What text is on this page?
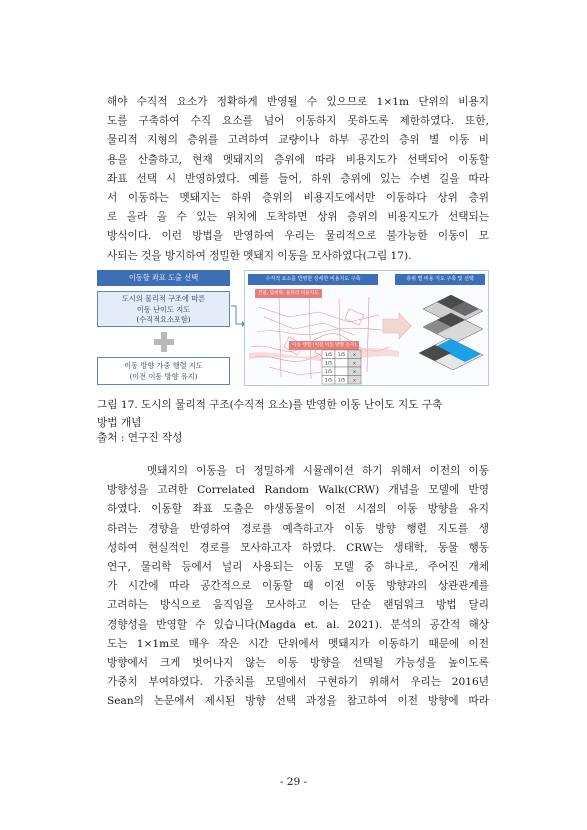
해야 수직적 요소가 정확하게 반영될 수 있으므로 1×1m 단위의 비용지
도를 구축하여 수직 요소를 넘어 이동하지 못하도록 제한하였다. 또한,
물리적 지형의 층위를 고려하여 교량이나 하부 공간의 층위 별 이동 비
용을 산출하고, 현재 멧돼지의 층위에 따라 비용지도가 선택되어 이동할
좌표 선택 시 반영하였다. 예를 들어, 하위 층위에 있는 수변 길을 따라
서 이동하는 멧돼지는 하위 층위의 비용지도에서만 이동하다 상위 층위
로 올라 올 수 있는 위치에 도착하면 상위 층위의 비용지도가 선택되는
방식이다. 이런 방법을 반영하여 우리는 물리적으로 불가능한 이동이 모
사되는 것을 방지하여 정밀한 멧돼지 이동을 모사하였다(그림 17).
이동할 좌표 도출 선택
도시의 물리적 구조에 따른
이동 난이도 지도
(수직적요소포함)
이동 방향 가중 행렬 지도
(이전 이동 방향 유지)
수직적 요소를 반영한 상세한 비용지도 구축	층위 별 비용 지도 구축 및 선택
건물, 담벼락, 울타리 비용지도
이동 행렬 (이전 이동 방향 유지)
1/5 1/5 x
1/5	x
1/5	x
1/5 1/5 x
그림 17. 도시의 물리적 구조(수직적 요소)를 반영한 이동 난이도 지도 구축
방법 개념
출처 : 연구진 작성
멧돼지의 이동을 더 정밀하게 시뮬레이션 하기 위해서 이전의 이동
방향성을 고려한 Correlated Random Walk(CRW) 개념을 모델에 반영
하였다. 이동할 좌표 도출은 야생동물이 이전 시점의 이동 방향을 유지
하려는 경향을 반영하여 경로를 예측하고자 이동 방향 행렬 지도를 생
성하여 현실적인 경로를 모사하고자 하였다. CRW는 생태학, 동물 행동
연구, 물리학 등에서 널리 사용되는 이동 모델 중 하나로, 주어진 개체
가 시간에 따라 공간적으로 이동할 때 이전 이동 방향과의 상관관계를
고려하는 방식으로 움직임을 모사하고 이는 단순 랜덤워크 방법 달리
경향성을 반영할 수 있습니다(Magda et. al. 2021). 분석의 공간적 해상
도는 1×1m로 매우 작은 시간 단위에서 멧돼지가 이동하기 때문에 이전
방향에서 크게 벗어나지 않는 이동 방향을 선택될 가능성을 높이도록
가중치 부여하였다. 가중치를 모델에서 구현하기 위해서 우리는 2016년
Sean의 논문에서 제시된 방향 선택 과정을 참고하여 이전 방향에 따라
- 29 -
